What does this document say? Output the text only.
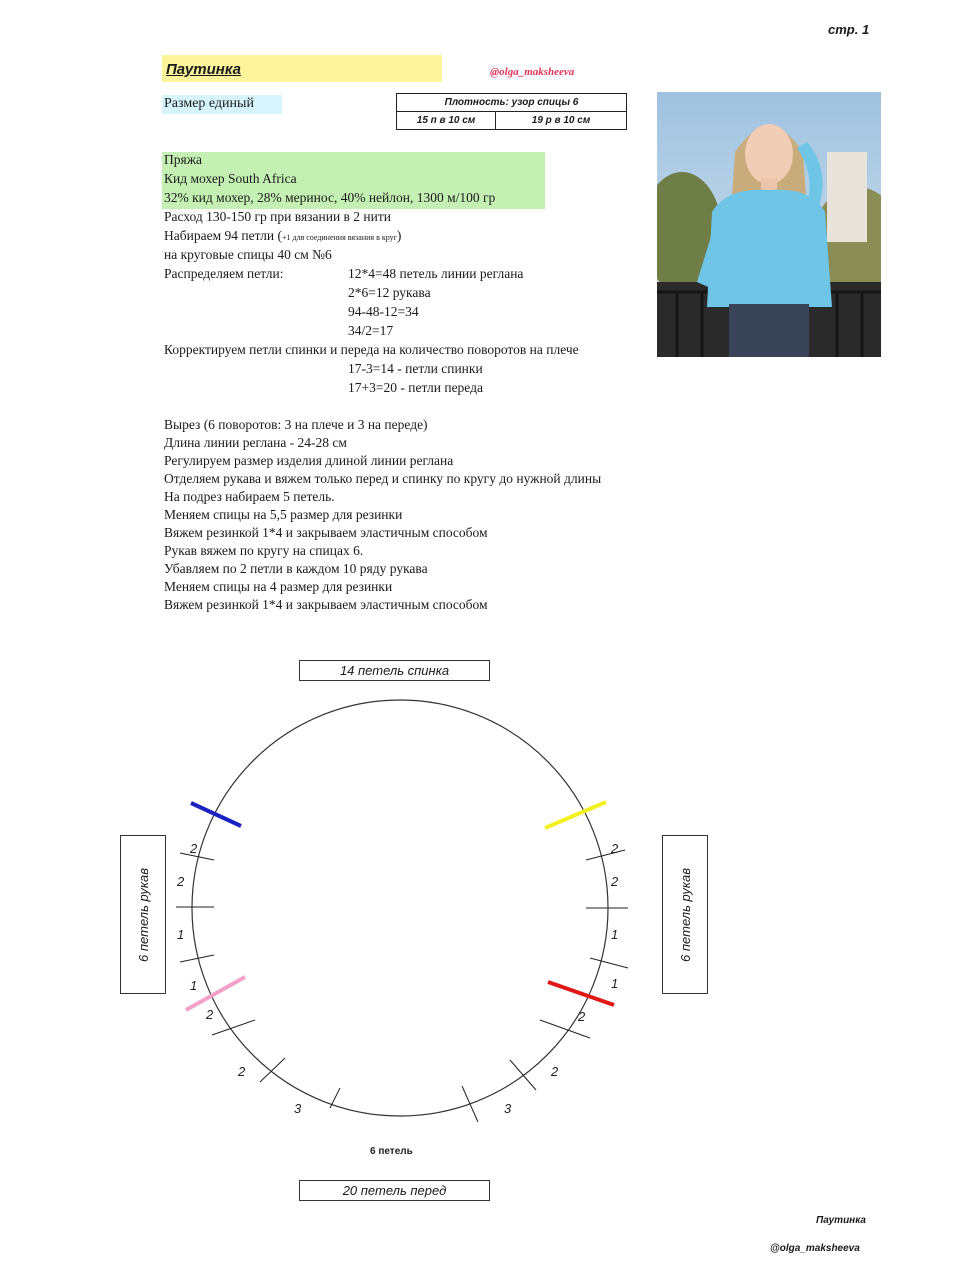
стр. 1
Паутинка	@olga_maksheeva
Размер единый	Плотность: узор спицы 6
15 п в 10 см	19 р в 10 см
Пряжа
Кид мохер South Africa
32% кид мохер, 28% меринос, 40% нейлон, 1300 м/100 гр
Расход 130-150 гр при вязании в 2 нити
Набираем 94 петли (+1 для соединения вязания в круг)
на круговые спицы 40 см №6
Распределяем петли:	12*4=48 петель линии реглана
2*6=12 рукава
94-48-12=34
34/2=17
Корректируем петли спинки и переда на количество поворотов на плече
17-3=14 - петли спинки
17+3=20 - петли переда
Вырез (6 поворотов: 3 на плече и 3 на переде)
Длина линии реглана - 24-28 см
Регулируем размер изделия длиной линии реглана
Отделяем рукава и вяжем только перед и спинку по кругу до нужной длины
На подрез набираем 5 петель.
Меняем спицы на 5,5 размер для резинки
Вяжем резинкой 1*4 и закрываем эластичным способом
Рукав вяжем по кругу на спицах 6.
Убавляем по 2 петли в каждом 10 ряду рукава
Меняем спицы на 4 размер для резинки
Вяжем резинкой 1*4 и закрываем эластичным способом
14 петель спинка
20 петель перед
6 петель рукав	6 петель рукав
2
2
1
1
2
2
3	3
2
2
1
1
2
2
6 петель
Паутинка
@olga_maksheeva
